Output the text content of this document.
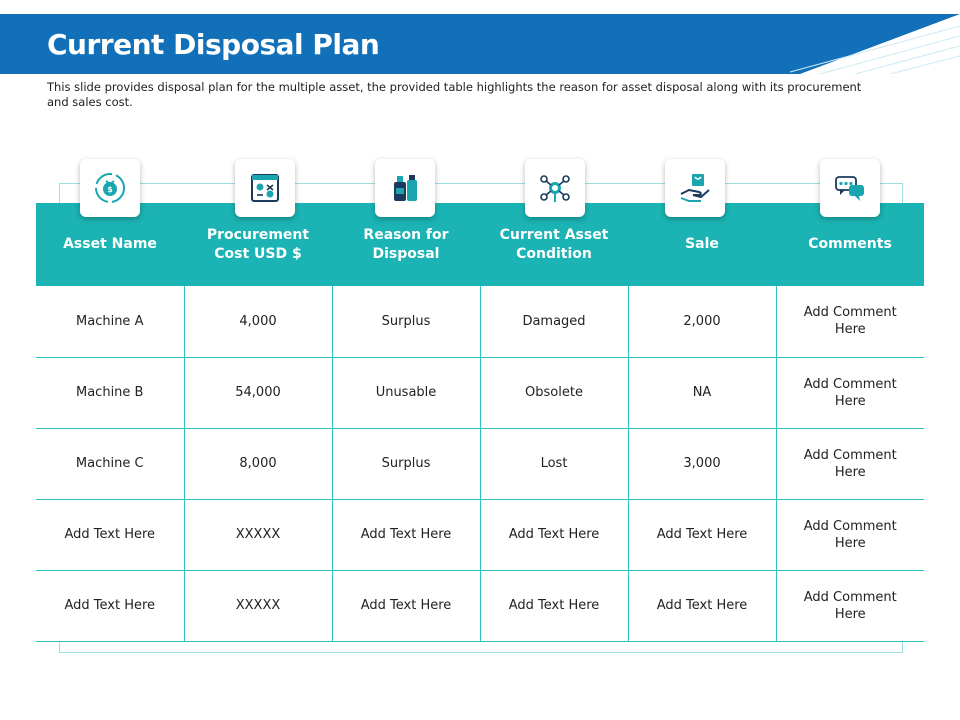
Current Disposal Plan
This slide provides disposal plan for the multiple asset, the provided table highlights the reason for asset disposal along with its procurement and sales cost.
Asset Name	Procurement Cost USD $	Reason for Disposal	Current Asset Condition	Sale	Comments
Machine A	4,000	Surplus	Damaged	2,000	Add Comment Here
Machine B	54,000	Unusable	Obsolete	NA	Add Comment Here
Machine C	8,000	Surplus	Lost	3,000	Add Comment Here
Add Text Here	XXXXX	Add Text Here	Add Text Here	Add Text Here	Add Comment Here
Add Text Here	XXXXX	Add Text Here	Add Text Here	Add Text Here	Add Comment Here
$
